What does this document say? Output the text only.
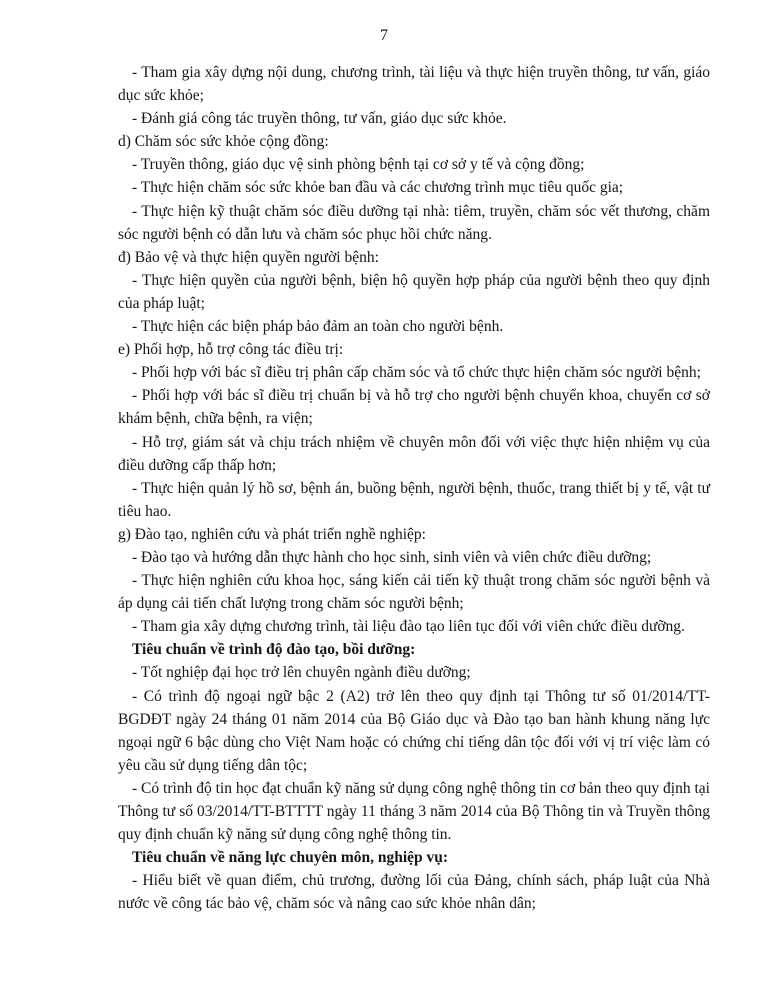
7

- Tham gia xây dựng nội dung, chương trình, tài liệu và thực hiện truyền thông, tư vấn, giáo dục sức khỏe;

- Đánh giá công tác truyền thông, tư vấn, giáo dục sức khỏe.

d) Chăm sóc sức khỏe cộng đồng:

- Truyền thông, giáo dục vệ sinh phòng bệnh tại cơ sở y tế và cộng đồng;

- Thực hiện chăm sóc sức khỏe ban đầu và các chương trình mục tiêu quốc gia;

- Thực hiện kỹ thuật chăm sóc điều dưỡng tại nhà: tiêm, truyền, chăm sóc vết thương, chăm sóc người bệnh có dẫn lưu và chăm sóc phục hồi chức năng.

đ) Bảo vệ và thực hiện quyền người bệnh:

- Thực hiện quyền của người bệnh, biện hộ quyền hợp pháp của người bệnh theo quy định của pháp luật;

- Thực hiện các biện pháp bảo đảm an toàn cho người bệnh.

e) Phối hợp, hỗ trợ công tác điều trị:

- Phối hợp với bác sĩ điều trị phân cấp chăm sóc và tổ chức thực hiện chăm sóc người bệnh;

- Phối hợp với bác sĩ điều trị chuẩn bị và hỗ trợ cho người bệnh chuyển khoa, chuyển cơ sở khám bệnh, chữa bệnh, ra viện;

- Hỗ trợ, giám sát và chịu trách nhiệm về chuyên môn đối với việc thực hiện nhiệm vụ của điều dưỡng cấp thấp hơn;

- Thực hiện quản lý hồ sơ, bệnh án, buồng bệnh, người bệnh, thuốc, trang thiết bị y tế, vật tư tiêu hao.

g) Đào tạo, nghiên cứu và phát triển nghề nghiệp:

- Đào tạo và hướng dẫn thực hành cho học sinh, sinh viên và viên chức điều dưỡng;

- Thực hiện nghiên cứu khoa học, sáng kiến cải tiến kỹ thuật trong chăm sóc người bệnh và áp dụng cải tiến chất lượng trong chăm sóc người bệnh;

- Tham gia xây dựng chương trình, tài liệu đào tạo liên tục đối với viên chức điều dưỡng.

Tiêu chuẩn về trình độ đào tạo, bồi dưỡng:

- Tốt nghiệp đại học trở lên chuyên ngành điều dưỡng;

- Có trình độ ngoại ngữ bậc 2 (A2) trở lên theo quy định tại Thông tư số 01/2014/TT-BGDĐT ngày 24 tháng 01 năm 2014 của Bộ Giáo dục và Đào tạo ban hành khung năng lực ngoại ngữ 6 bậc dùng cho Việt Nam hoặc có chứng chỉ tiếng dân tộc đối với vị trí việc làm có yêu cầu sử dụng tiếng dân tộc;

- Có trình độ tin học đạt chuẩn kỹ năng sử dụng công nghệ thông tin cơ bản theo quy định tại Thông tư số 03/2014/TT-BTTTT ngày 11 tháng 3 năm 2014 của Bộ Thông tin và Truyền thông quy định chuẩn kỹ năng sử dụng công nghệ thông tin.

Tiêu chuẩn về năng lực chuyên môn, nghiệp vụ:

- Hiểu biết về quan điểm, chủ trương, đường lối của Đảng, chính sách, pháp luật của Nhà nước về công tác bảo vệ, chăm sóc và nâng cao sức khỏe nhân dân;
